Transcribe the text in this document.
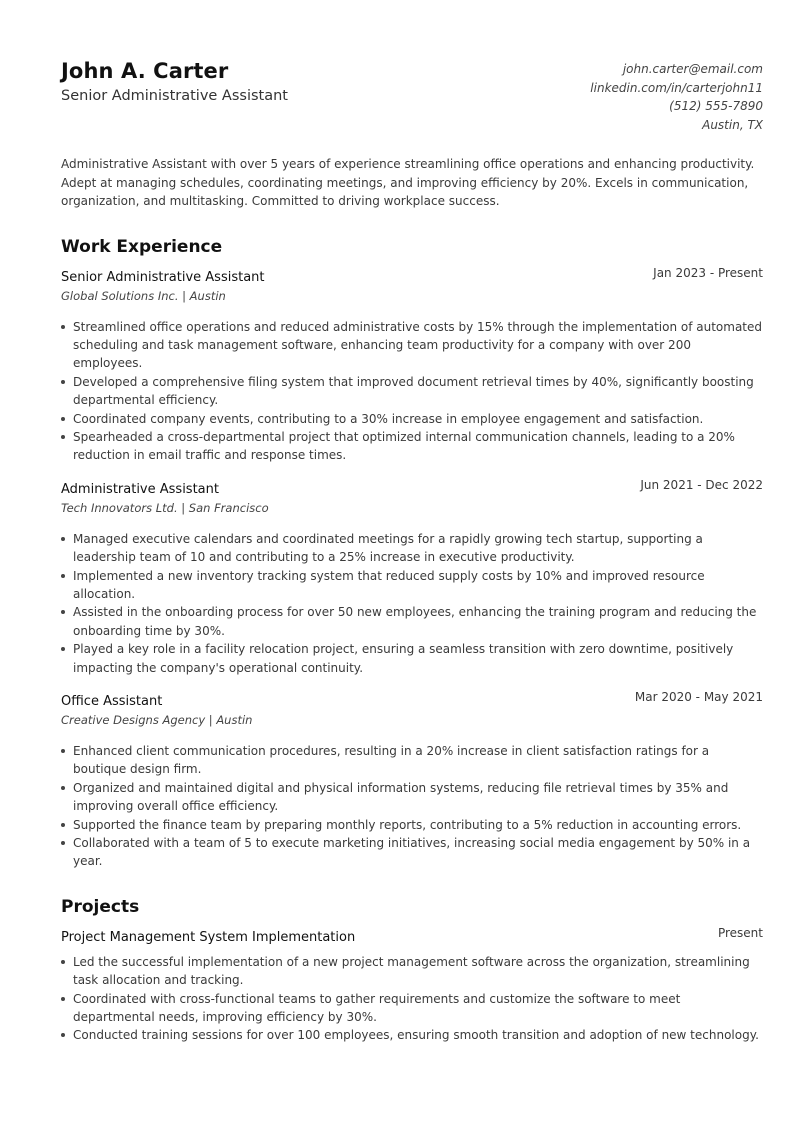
John A. Carter
Senior Administrative Assistant
john.carter@email.com
linkedin.com/in/carterjohn11
(512) 555-7890
Austin, TX
Administrative Assistant with over 5 years of experience streamlining office operations and enhancing productivity. Adept at managing schedules, coordinating meetings, and improving efficiency by 20%. Excels in communication, organization, and multitasking. Committed to driving workplace success.
Work Experience
Senior Administrative Assistant	Jan 2023 - Present
Global Solutions Inc. | Austin
Streamlined office operations and reduced administrative costs by 15% through the implementation of automated scheduling and task management software, enhancing team productivity for a company with over 200 employees.
Developed a comprehensive filing system that improved document retrieval times by 40%, significantly boosting departmental efficiency.
Coordinated company events, contributing to a 30% increase in employee engagement and satisfaction.
Spearheaded a cross-departmental project that optimized internal communication channels, leading to a 20% reduction in email traffic and response times.
Administrative Assistant	Jun 2021 - Dec 2022
Tech Innovators Ltd. | San Francisco
Managed executive calendars and coordinated meetings for a rapidly growing tech startup, supporting a leadership team of 10 and contributing to a 25% increase in executive productivity.
Implemented a new inventory tracking system that reduced supply costs by 10% and improved resource allocation.
Assisted in the onboarding process for over 50 new employees, enhancing the training program and reducing the onboarding time by 30%.
Played a key role in a facility relocation project, ensuring a seamless transition with zero downtime, positively impacting the company's operational continuity.
Office Assistant	Mar 2020 - May 2021
Creative Designs Agency | Austin
Enhanced client communication procedures, resulting in a 20% increase in client satisfaction ratings for a boutique design firm.
Organized and maintained digital and physical information systems, reducing file retrieval times by 35% and improving overall office efficiency.
Supported the finance team by preparing monthly reports, contributing to a 5% reduction in accounting errors.
Collaborated with a team of 5 to execute marketing initiatives, increasing social media engagement by 50% in a year.
Projects
Project Management System Implementation	Present
Led the successful implementation of a new project management software across the organization, streamlining task allocation and tracking.
Coordinated with cross-functional teams to gather requirements and customize the software to meet departmental needs, improving efficiency by 30%.
Conducted training sessions for over 100 employees, ensuring smooth transition and adoption of new technology.
